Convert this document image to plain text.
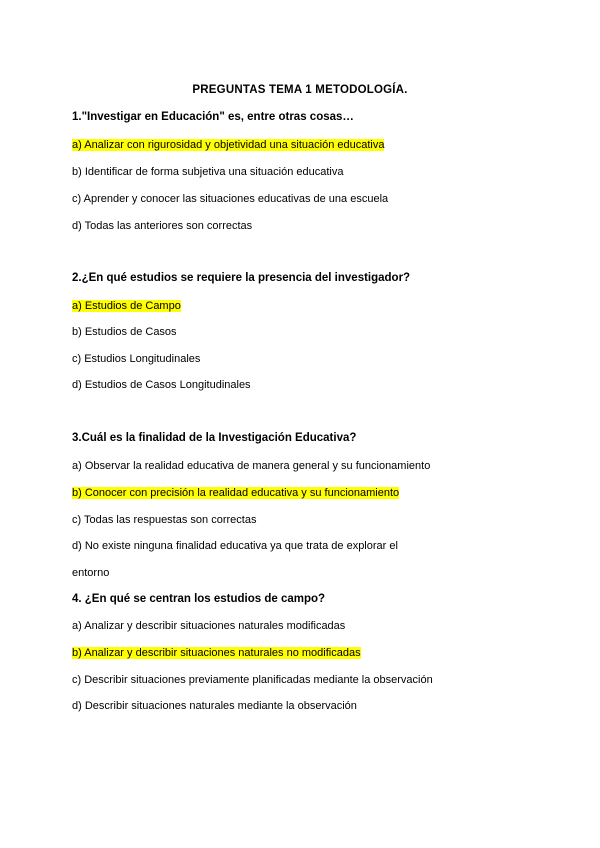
PREGUNTAS TEMA 1 METODOLOGÍA.
1."Investigar en Educación" es, entre otras cosas…
a) Analizar con rigurosidad y objetividad una situación educativa
b) Identificar de forma subjetiva una situación educativa
c) Aprender y conocer las situaciones educativas de una escuela
d) Todas las anteriores son correctas
2.¿En qué estudios se requiere la presencia del investigador?
a) Estudios de Campo
b) Estudios de Casos
c) Estudios Longitudinales
d) Estudios de Casos Longitudinales
3.Cuál es la finalidad de la Investigación Educativa?
a) Observar la realidad educativa de manera general y su funcionamiento
b) Conocer con precisión la realidad educativa y su funcionamiento
c) Todas las respuestas son correctas
d) No existe ninguna finalidad educativa ya que trata de explorar el
entorno
4. ¿En qué se centran los estudios de campo?
a) Analizar y describir situaciones naturales modificadas
b) Analizar y describir situaciones naturales no modificadas
c) Describir situaciones previamente planificadas mediante la observación
d) Describir situaciones naturales mediante la observación
